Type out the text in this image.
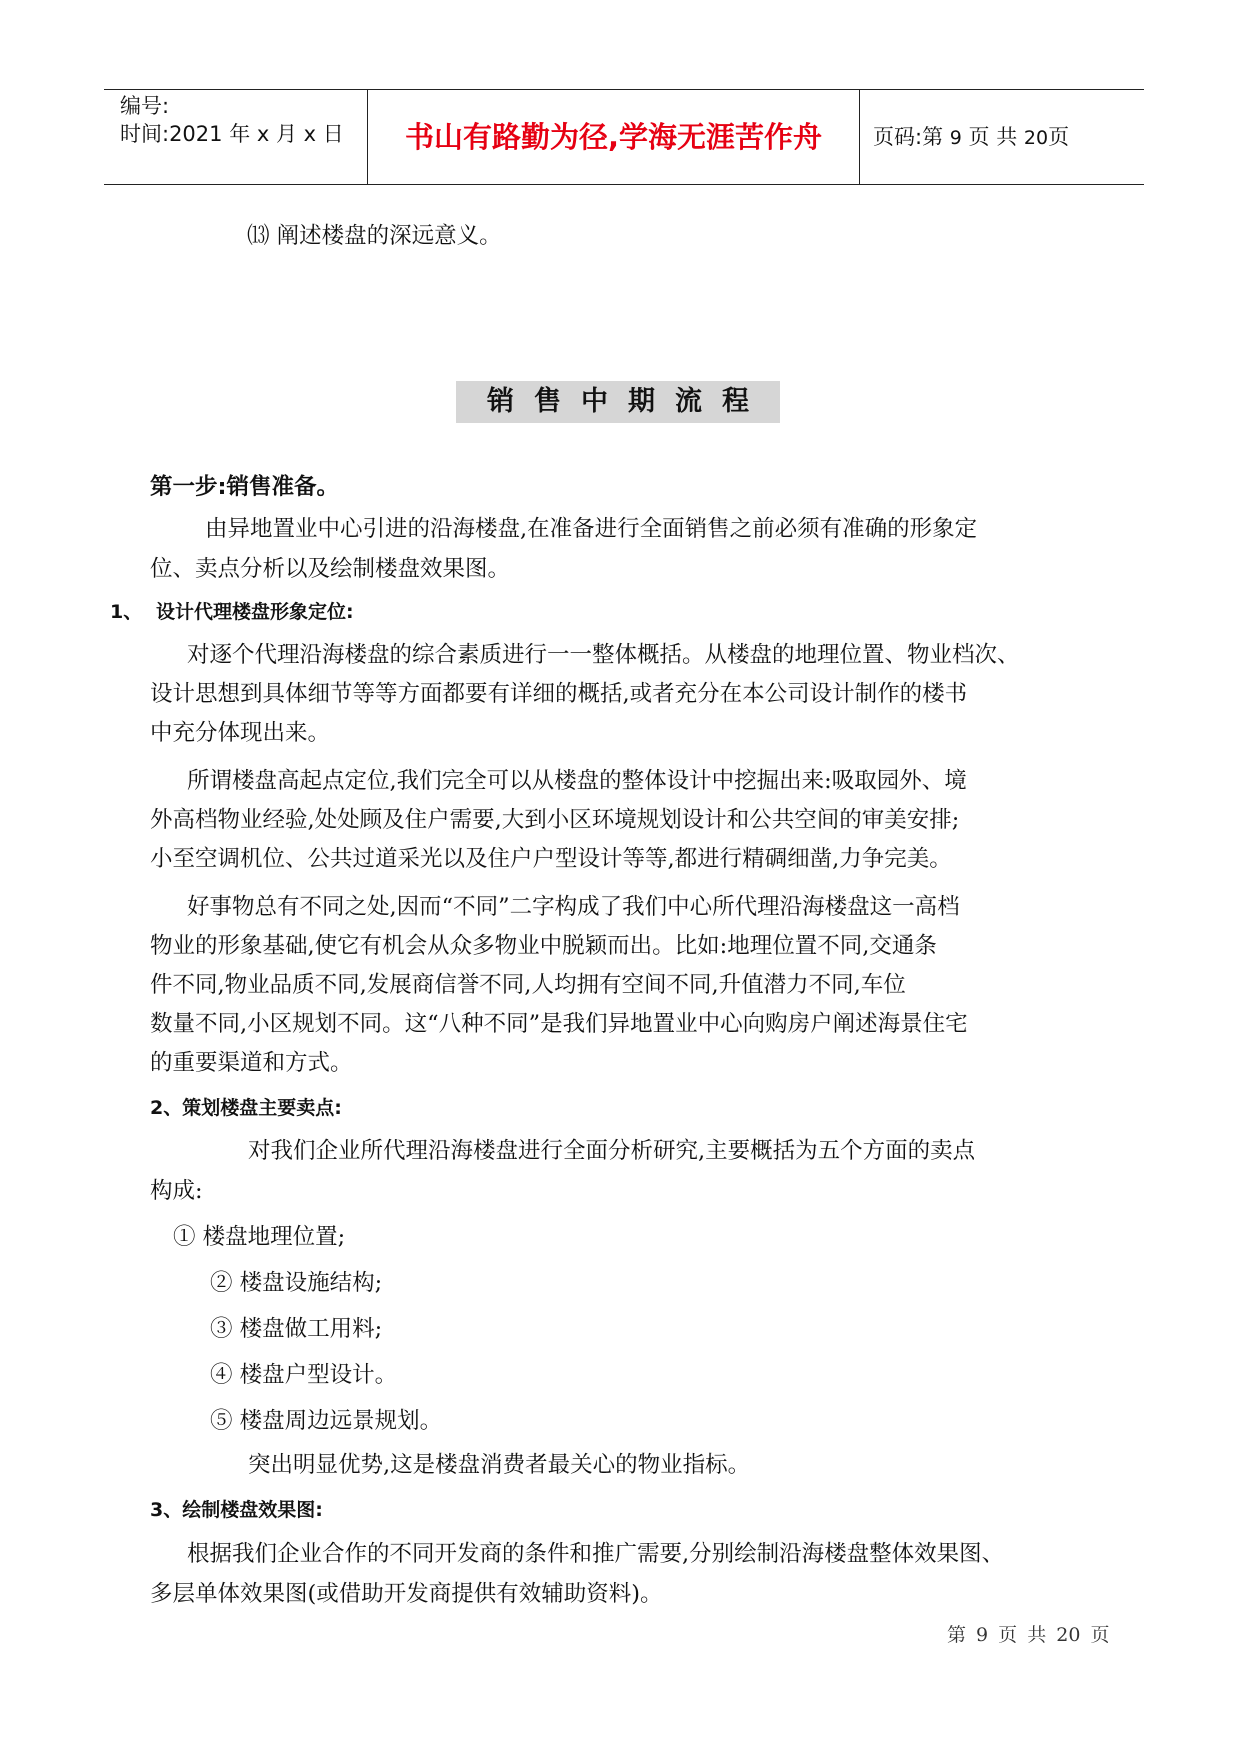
编号:
时间:2021 年 x 月 x 日	书山有路勤为径,学海无涯苦作舟	页码:第 9 页 共 20页
⒀ 阐述楼盘的深远意义。
销售中期流程
第一步:销售准备。
由异地置业中心引进的沿海楼盘,在准备进行全面销售之前必须有准确的形象定
位、卖点分析以及绘制楼盘效果图。
1、 设计代理楼盘形象定位:
对逐个代理沿海楼盘的综合素质进行一一整体概括。从楼盘的地理位置、物业档次、
设计思想到具体细节等等方面都要有详细的概括,或者充分在本公司设计制作的楼书
中充分体现出来。
所谓楼盘高起点定位,我们完全可以从楼盘的整体设计中挖掘出来:吸取园外、境
外高档物业经验,处处顾及住户需要,大到小区环境规划设计和公共空间的审美安排;
小至空调机位、公共过道采光以及住户户型设计等等,都进行精碉细凿,力争完美。
好事物总有不同之处,因而“不同”二字构成了我们中心所代理沿海楼盘这一高档
物业的形象基础,使它有机会从众多物业中脱颖而出。比如:地理位置不同,交通条
件不同,物业品质不同,发展商信誉不同,人均拥有空间不同,升值潜力不同,车位
数量不同,小区规划不同。这“八种不同”是我们异地置业中心向购房户阐述海景住宅
的重要渠道和方式。
2、策划楼盘主要卖点:
对我们企业所代理沿海楼盘进行全面分析研究,主要概括为五个方面的卖点
构成:
① 楼盘地理位置;
② 楼盘设施结构;
③ 楼盘做工用料;
④ 楼盘户型设计。
⑤ 楼盘周边远景规划。
突出明显优势,这是楼盘消费者最关心的物业指标。
3、绘制楼盘效果图:
根据我们企业合作的不同开发商的条件和推广需要,分别绘制沿海楼盘整体效果图、
多层单体效果图(或借助开发商提供有效辅助资料)。
第 9 页 共 20 页
